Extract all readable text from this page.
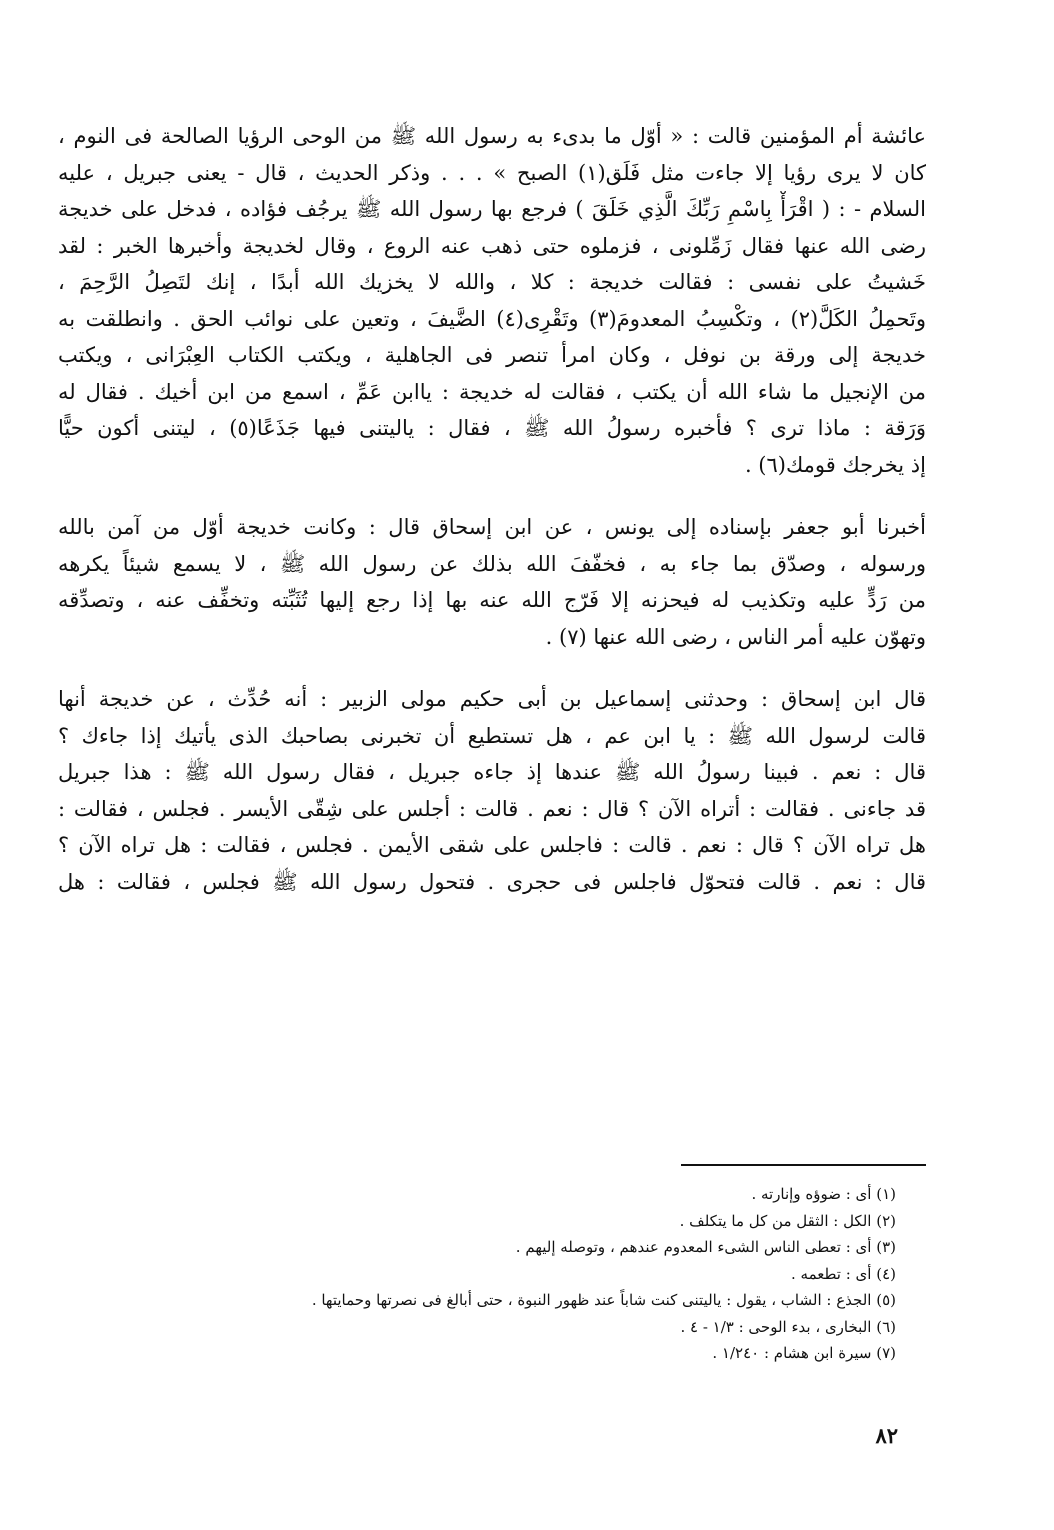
عائشة أم المؤمنين قالت : « أوّل ما بدىء به رسول الله ﷺ من الوحى الرؤيا الصالحة فى النوم ،
كان لا يرى رؤيا إلا جاءت مثل فَلَق(١) الصبح » . . . وذكر الحديث ، قال - يعنى جبريل ، عليه
السلام - : ( اقْرَأْ بِاسْمِ رَبِّكَ الَّذِي خَلَقَ ) فرجع بها رسول الله ﷺ يرجُف فؤاده ، فدخل على خديجة
رضى الله عنها فقال زَمِّلونى ، فزملوه حتى ذهب عنه الروع ، وقال لخديجة وأخبرها الخبر : لقد
خَشيتُ على نفسى : فقالت خديجة : كلا ، والله لا يخزيك الله أبدًا ، إنك لتَصِلُ الرَّحِمَ ،
وتَحمِلُ الكَلَّ(٢) ، وتكْسِبُ المعدومَ(٣) وتَقْرِى(٤) الضَّيفَ ، وتعين على نوائب الحق . وانطلقت به
خديجة إلى ورقة بن نوفل ، وكان امرأ تنصر فى الجاهلية ، ويكتب الكتاب العِبْرَانى ، ويكتب
من الإنجيل ما شاء الله أن يكتب ، فقالت له خديجة : ياابن عَمِّ ، اسمع من ابن أخيك . فقال له
وَرَقة : ماذا ترى ؟ فأخبره رسولُ الله ﷺ ، فقال : ياليتنى فيها جَذَعًا(٥) ، ليتنى أكون حيًّا
إذ يخرجك قومك(٦) .
أخبرنا أبو جعفر بإسناده إلى يونس ، عن ابن إسحاق قال : وكانت خديجة أوّل من آمن بالله
ورسوله ، وصدّق بما جاء به ، فخفّفَ الله بذلك عن رسول الله ﷺ ، لا يسمع شيئاً يكرهه
من رَدٍّ عليه وتكذيب له فيحزنه إلا فَرّج الله عنه بها إذا رجع إليها تُثَبِّته وتخفِّف عنه ، وتصدِّقه
وتهوّن عليه أمر الناس ، رضى الله عنها (٧) .
قال ابن إسحاق : وحدثنى إسماعيل بن أبى حكيم مولى الزبير : أنه حُدِّث ، عن خديجة أنها
قالت لرسول الله ﷺ : يا ابن عم ، هل تستطيع أن تخبرنى بصاحبك الذى يأتيك إذا جاءك ؟
قال : نعم . فبينا رسولُ الله ﷺ عندها إذ جاءه جبريل ، فقال رسول الله ﷺ : هذا جبريل
قد جاءنى . فقالت : أتراه الآن ؟ قال : نعم . قالت : أجلس على شِقّى الأيسر . فجلس ، فقالت :
هل تراه الآن ؟ قال : نعم . قالت : فاجلس على شقى الأيمن . فجلس ، فقالت : هل تراه الآن ؟
قال : نعم . قالت فتحوّل فاجلس فى حجرى . فتحول رسول الله ﷺ فجلس ، فقالت : هل
(١) أى : ضوؤه وإنارته .
(٢) الكل : الثقل من كل ما يتكلف .
(٣) أى : تعطى الناس الشىء المعدوم عندهم ، وتوصله إليهم .
(٤) أى : تطعمه .
(٥) الجذع : الشاب ، يقول : ياليتنى كنت شاباً عند ظهور النبوة ، حتى أبالغ فى نصرتها وحمايتها .
(٦) البخارى ، بدء الوحى : ١/٣ - ٤ .
(٧) سيرة ابن هشام : ١/٢٤٠ .
٨٢
